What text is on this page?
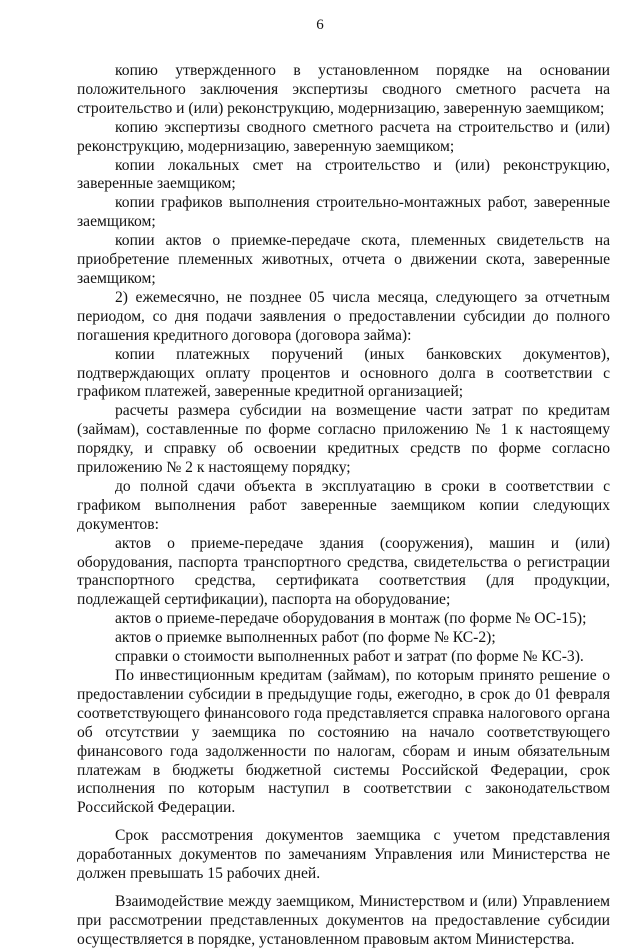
6

копию утвержденного в установленном порядке на основании положительного заключения экспертизы сводного сметного расчета на строительство и (или) реконструкцию, модернизацию, заверенную заемщиком;

копию экспертизы сводного сметного расчета на строительство и (или) реконструкцию, модернизацию, заверенную заемщиком;

копии локальных смет на строительство и (или) реконструкцию, заверенные заемщиком;

копии графиков выполнения строительно-монтажных работ, заверенные заемщиком;

копии актов о приемке-передаче скота, племенных свидетельств на приобретение племенных животных, отчета о движении скота, заверенные заемщиком;

2) ежемесячно, не позднее 05 числа месяца, следующего за отчетным периодом, со дня подачи заявления о предоставлении субсидии до полного погашения кредитного договора (договора займа):

копии платежных поручений (иных банковских документов), подтверждающих оплату процентов и основного долга в соответствии с графиком платежей, заверенные кредитной организацией;

расчеты размера субсидии на возмещение части затрат по кредитам (займам), составленные по форме согласно приложению № 1 к настоящему порядку, и справку об освоении кредитных средств по форме согласно приложению № 2 к настоящему порядку;

до полной сдачи объекта в эксплуатацию в сроки в соответствии с графиком выполнения работ заверенные заемщиком копии следующих документов:

актов о приеме-передаче здания (сооружения), машин и (или) оборудования, паспорта транспортного средства, свидетельства о регистрации транспортного средства, сертификата соответствия (для продукции, подлежащей сертификации), паспорта на оборудование;

актов о приеме-передаче оборудования в монтаж (по форме № ОС-15);

актов о приемке выполненных работ (по форме № КС-2);

справки о стоимости выполненных работ и затрат (по форме № КС-3).

По инвестиционным кредитам (займам), по которым принято решение о предоставлении субсидии в предыдущие годы, ежегодно, в срок до 01 февраля соответствующего финансового года представляется справка налогового органа об отсутствии у заемщика по состоянию на начало соответствующего финансового года задолженности по налогам, сборам и иным обязательным платежам в бюджеты бюджетной системы Российской Федерации, срок исполнения по которым наступил в соответствии с законодательством Российской Федерации.

Срок рассмотрения документов заемщика с учетом представления доработанных документов по замечаниям Управления или Министерства не должен превышать 15 рабочих дней.

Взаимодействие между заемщиком, Министерством и (или) Управлением при рассмотрении представленных документов на предоставление субсидии осуществляется в порядке, установленном правовым актом Министерства.
